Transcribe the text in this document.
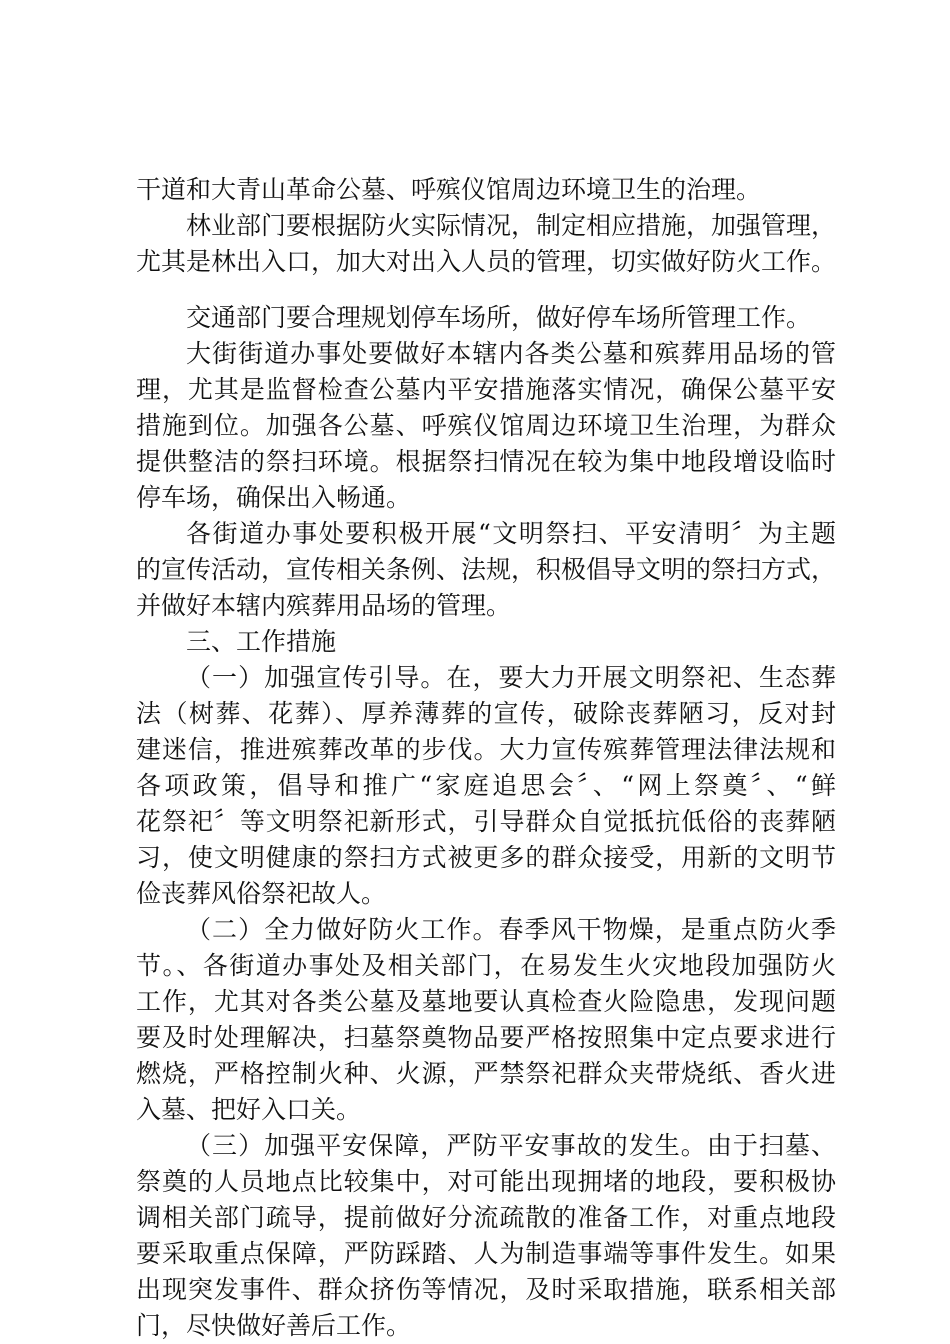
干道和大青山革命公墓、呼殡仪馆周边环境卫生的治理。
林业部门要根据防火实际情况，制定相应措施，加强管理，
尤其是林出入口，加大对出入人员的管理，切实做好防火工作。
交通部门要合理规划停车场所，做好停车场所管理工作。
大街街道办事处要做好本辖内各类公墓和殡葬用品场的管
理，尤其是监督检查公墓内平安措施落实情况，确保公墓平安
措施到位。加强各公墓、呼殡仪馆周边环境卫生治理，为群众
提供整洁的祭扫环境。根据祭扫情况在较为集中地段增设临时
停车场，确保出入畅通。
各街道办事处要积极开展“文明祭扫、平安清明〞为主题
的宣传活动，宣传相关条例、法规，积极倡导文明的祭扫方式，
并做好本辖内殡葬用品场的管理。
三、工作措施
（一）加强宣传引导。在，要大力开展文明祭祀、生态葬
法（树葬、花葬）、厚养薄葬的宣传，破除丧葬陋习，反对封
建迷信，推进殡葬改革的步伐。大力宣传殡葬管理法律法规和
各项政策，倡导和推广“家庭追思会〞、“网上祭奠〞、“鲜
花祭祀〞等文明祭祀新形式，引导群众自觉抵抗低俗的丧葬陋
习，使文明健康的祭扫方式被更多的群众接受，用新的文明节
俭丧葬风俗祭祀故人。
（二）全力做好防火工作。春季风干物燥，是重点防火季
节。、各街道办事处及相关部门，在易发生火灾地段加强防火
工作，尤其对各类公墓及墓地要认真检查火险隐患，发现问题
要及时处理解决，扫墓祭奠物品要严格按照集中定点要求进行
燃烧，严格控制火种、火源，严禁祭祀群众夹带烧纸、香火进
入墓、把好入口关。
（三）加强平安保障，严防平安事故的发生。由于扫墓、
祭奠的人员地点比较集中，对可能出现拥堵的地段，要积极协
调相关部门疏导，提前做好分流疏散的准备工作，对重点地段
要采取重点保障，严防踩踏、人为制造事端等事件发生。如果
出现突发事件、群众挤伤等情况，及时采取措施，联系相关部
门，尽快做好善后工作。
